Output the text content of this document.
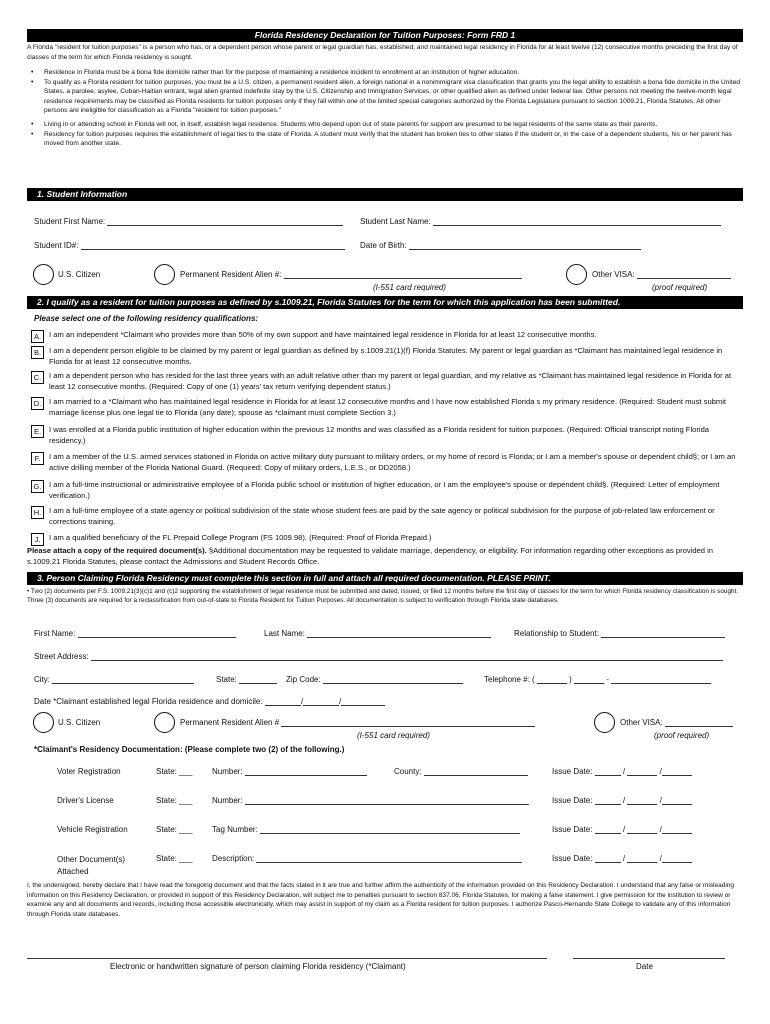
Florida Residency Declaration for Tuition Purposes: Form FRD 1
A Florida "resident for tuition purposes" is a person who has, or a dependent person whose parent or legal guardian has, established, and maintained legal residency in Florida for at least twelve (12) consecutive months preceding the first day of classes of the term for which Florida residency is sought.
•	Residence in Florida must be a bona fide domicile rather than for the purpose of maintaining a residence incident to enrollment at an institution of higher education.
•	To qualify as a Florida resident for tuition purposes, you must be a U.S. citizen, a permanent resident alien, a foreign national in a nonimmigrant visa classification that grants you the legal ability to establish a bona fide domicile in the United States, a parolee, asylee, Cuban-Haitian entrant, legal alien granted indefinite stay by the U.S. Citizenship and Immigration Services, or other qualified alien as defined under federal law. Other persons not meeting the twelve-month legal residence requirements may be classified as Florida residents for tuition purposes only if they fall within one of the limited special categories authorized by the Florida Legislature pursuant to section 1009.21, Florida Statutes. All other persons are ineligible for classification as a Florida "resident for tuition purposes."
•	Living in or attending school in Florida will not, in itself, establish legal residence. Students who depend upon out of state parents for support are presumed to be legal residents of the same state as their parents.
•	Residency for tuition purposes requires the establishment of legal ties to the state of Florida. A student must verify that the student has broken ties to other states if the student or, in the case of a dependent students, his or her parent has moved from another state.
1. Student Information
Student First Name:	Student Last Name:
Student ID#:	Date of Birth:
U.S. Citizen	Permanent Resident Alien #:
(I-551 card required)
Other VISA:
(proof required)
2. I qualify as a resident for tuition purposes as defined by s.1009.21, Florida Statutes for the term for which this application has been submitted.
Please select one of the following residency qualifications:
A.	I am an independent *Claimant who provides more than 50% of my own support and have maintained legal residence in Florida for at least 12 consecutive months.
B.	I am a dependent person eligible to be claimed by my parent or legal guardian as defined by s.1009.21(1)(f) Florida Statutes. My parent or legal guardian as *Claimant has maintained legal residence in Florida for at least 12 consecutive months.
C.	I am a dependent person who has resided for the last three years with an adult relative other than my parent or legal guardian, and my relative as *Claimant has maintained legal residence in Florida for at least 12 consecutive months. (Required: Copy of one (1) years' tax return verifying dependent status.)
D.	I am married to a *Claimant who has maintained legal residence in Florida for at least 12 consecutive months and I have now established Florida s my primary residence. (Required: Student must submit marriage license plus one legal tie to Florida (any date); spouse as *claimant must complete Section 3.)
E.	I was enrolled at a Florida public institution of higher education within the previous 12 months and was classified as a Florida resident for tuition purposes. (Required: Official transcript noting Florida residency.)
F.	I am a member of the U.S. armed services stationed in Florida on active military duty pursuant to military orders, or my home of record is Florida; or I am a member's spouse or dependent child§; or I am an active drilling member of the Florida National Guard. (Required: Copy of military orders, L.E.S., or DD2058.)
G. I am a full-time instructional or administrative employee of a Florida public school or institution of higher education, or I am the employee's spouse or dependent child§. (Required: Letter of employment verification.)
H.	I am a full-time employee of a state agency or political subdivision of the state whose student fees are paid by the sate agency or political subdivision for the purpose of job-related law enforcement or corrections training.
J.	I am a qualified beneficiary of the FL Prepaid College Program (FS 1009.98). (Required: Proof of Florida Prepaid.)
Please attach a copy of the required document(s). §Additional documentation may be requested to validate marriage, dependency, or eligibility. For information regarding other exceptions as provided in s.1009.21 Florida Statutes, please contact the Admissions and Student Records Office.
3. Person Claiming Florida Residency must complete this section in full and attach all required documentation. PLEASE PRINT.
• Two (2) documents per F.S. 1009.21(3)(c)1 and (c)2 supporting the establishment of legal residence must be submitted and dated, issued, or filed 12 months before the first day of classes for the term for which Florida residency classification is sought. Three (3) documents are required for a reclassification from out-of-state to Florida Resident for Tuition Purposes. All documentation is subject to verification through Florida state databases.
First Name:	Last Name:	Relationship to Student:
Street Address:
City:	State:	Zip Code:	Telephone #: (	)	-
Date *Claimant established legal Florida residence and domicile:	/	/
U.S. Citizen	Permanent Resident Alien #
(I-551 card required)
Other VISA:
(proof required)
*Claimant's Residency Documentation: (Please complete two (2) of the following.)
Voter Registration	State: ___ Number:	County:	Issue Date:	/	/
Driver's License	State: ___ Number:	Issue Date:	/	/
Vehicle Registration	State: ___ Tag Number:	Issue Date:	/	/
Other Document(s)
Attached
State: ___ Description:	Issue Date:	/	/
I, the undersigned, hereby declare that I have read the foregoing document and that the facts stated in it are true and further affirm the authenticity of the information provided on this Residency Declaration. I understand that any false or misleading information on this Residency Declaration, or provided in support of this Residency Declaration, will subject me to penalties pursuant to section 837.06, Florida Statutes, for making a false statement. I give permission for the institution to review or examine any and all documents and records, including those accessible electronically, which may assist in support of my claim as a Florida resident for tuition purposes. I authorize Pasco-Hernando State College to validate any of this information through Florida state databases.
Electronic or handwritten signature of person claiming Florida residency (*Claimant)	Date
